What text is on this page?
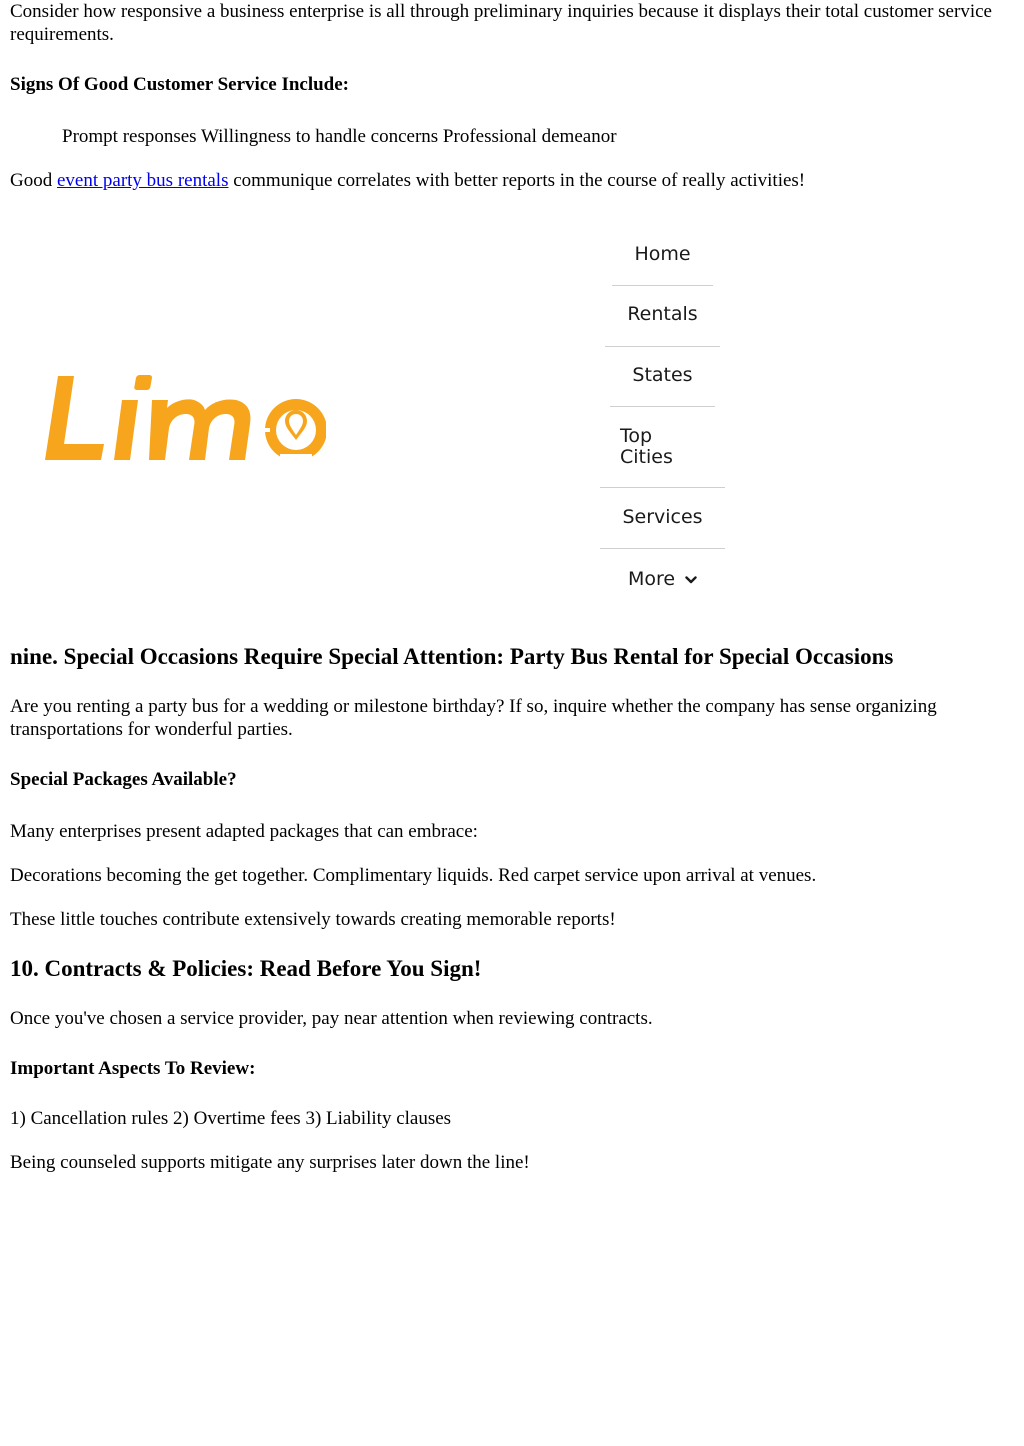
Consider how responsive a business enterprise is all through preliminary inquiries because it displays their total customer service requirements.

Signs Of Good Customer Service Include:

Prompt responses Willingness to handle concerns Professional demeanor

Good event party bus rentals communique correlates with better reports in the course of really activities!

Home
Rentals
States
Top
Cities
Services
More
nine. Special Occasions Require Special Attention: Party Bus Rental for Special Occasions

Are you renting a party bus for a wedding or milestone birthday? If so, inquire whether the company has sense organizing transportations for wonderful parties.

Special Packages Available?

Many enterprises present adapted packages that can embrace:

Decorations becoming the get together. Complimentary liquids. Red carpet service upon arrival at venues.

These little touches contribute extensively towards creating memorable reports!

10. Contracts & Policies: Read Before You Sign!

Once you've chosen a service provider, pay near attention when reviewing contracts.

Important Aspects To Review:

1) Cancellation rules 2) Overtime fees 3) Liability clauses

Being counseled supports mitigate any surprises later down the line!
